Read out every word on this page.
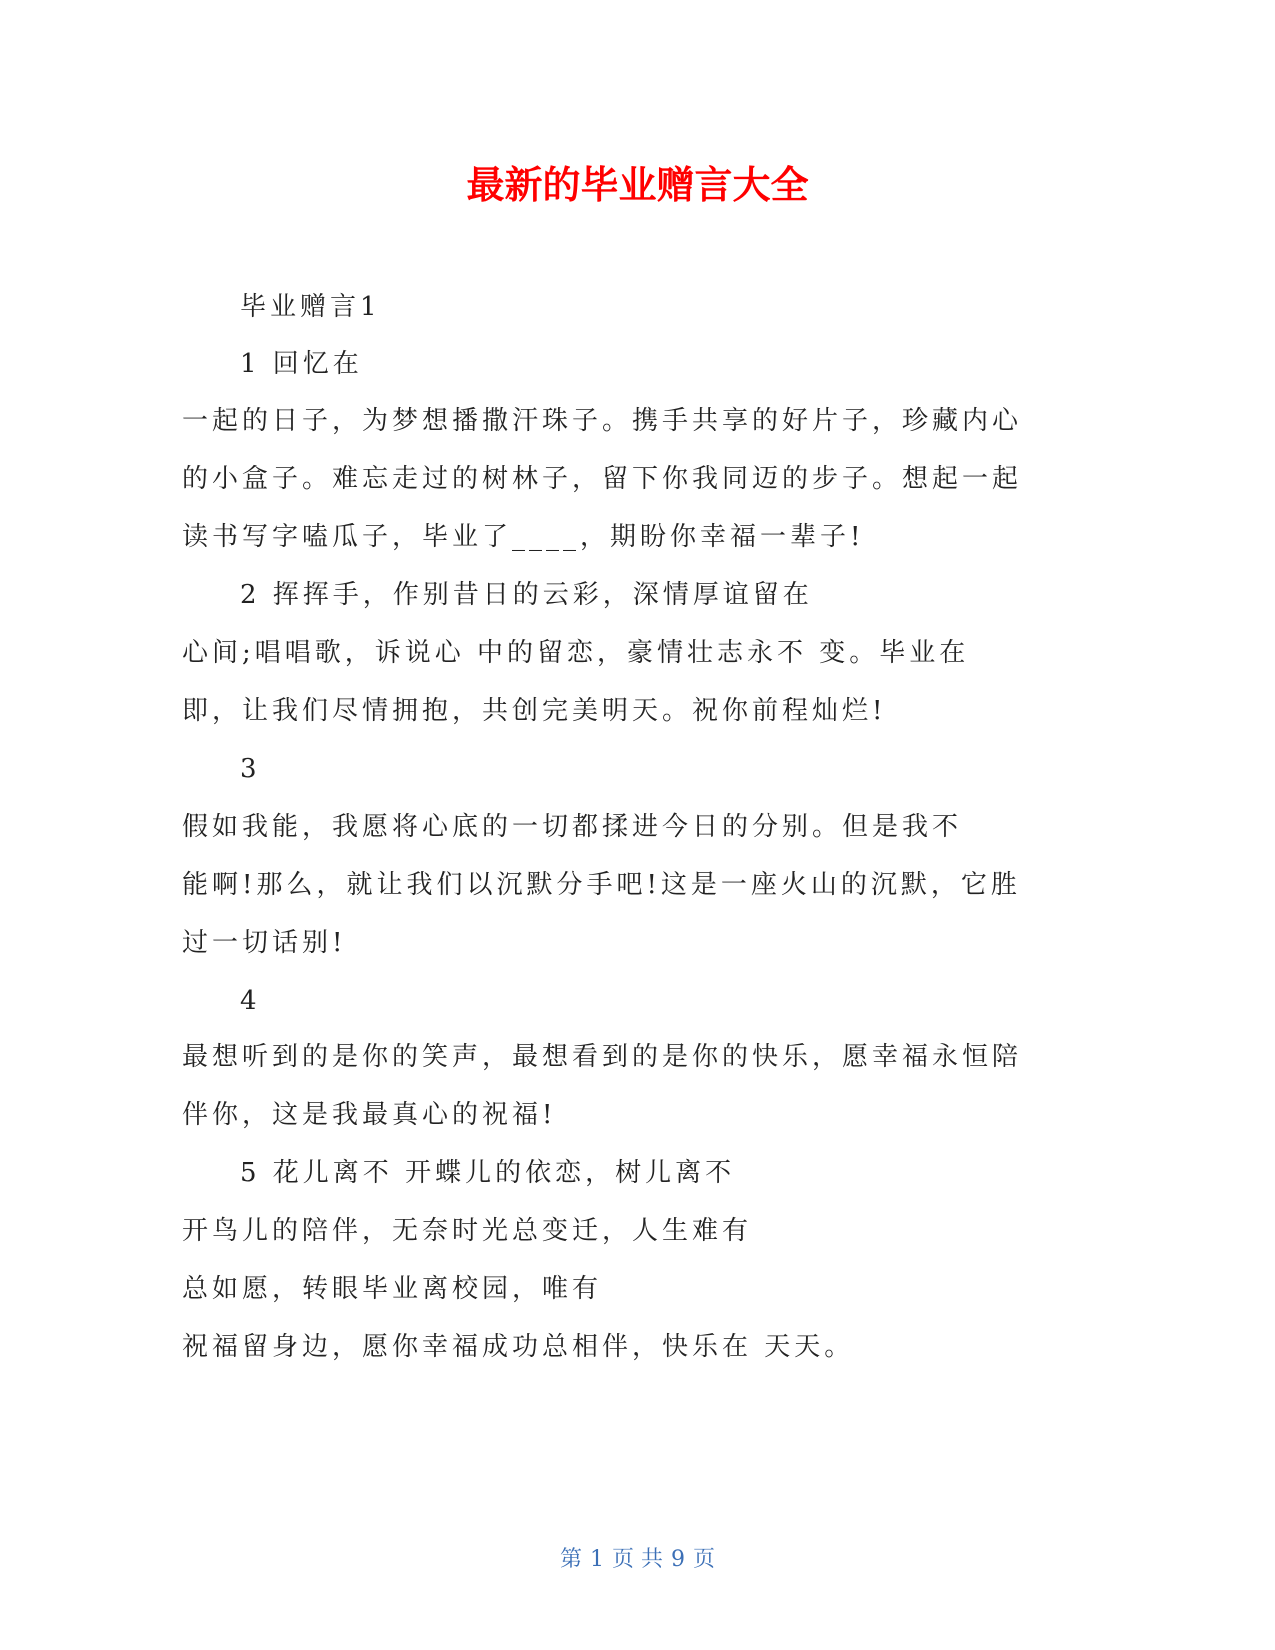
最新的毕业赠言大全
毕业赠言1
1 回忆在
一起的日子，为梦想播撒汗珠子。携手共享的好片子，珍藏内心
的小盒子。难忘走过的树林子，留下你我同迈的步子。想起一起
读书写字嗑瓜子，毕业了____，期盼你幸福一辈子!
2 挥挥手，作别昔日的云彩，深情厚谊留在
心间;唱唱歌，诉说心 中的留恋，豪情壮志永不 变。毕业在
即，让我们尽情拥抱，共创完美明天。祝你前程灿烂!
3
假如我能，我愿将心底的一切都揉进今日的分别。但是我不
能啊!那么，就让我们以沉默分手吧!这是一座火山的沉默，它胜
过一切话别!
4
最想听到的是你的笑声，最想看到的是你的快乐，愿幸福永恒陪
伴你，这是我最真心的祝福!
5 花儿离不 开蝶儿的依恋，树儿离不
开鸟儿的陪伴，无奈时光总变迁，人生难有
总如愿，转眼毕业离校园，唯有
祝福留身边，愿你幸福成功总相伴，快乐在 天天。
第 1 页 共 9 页
